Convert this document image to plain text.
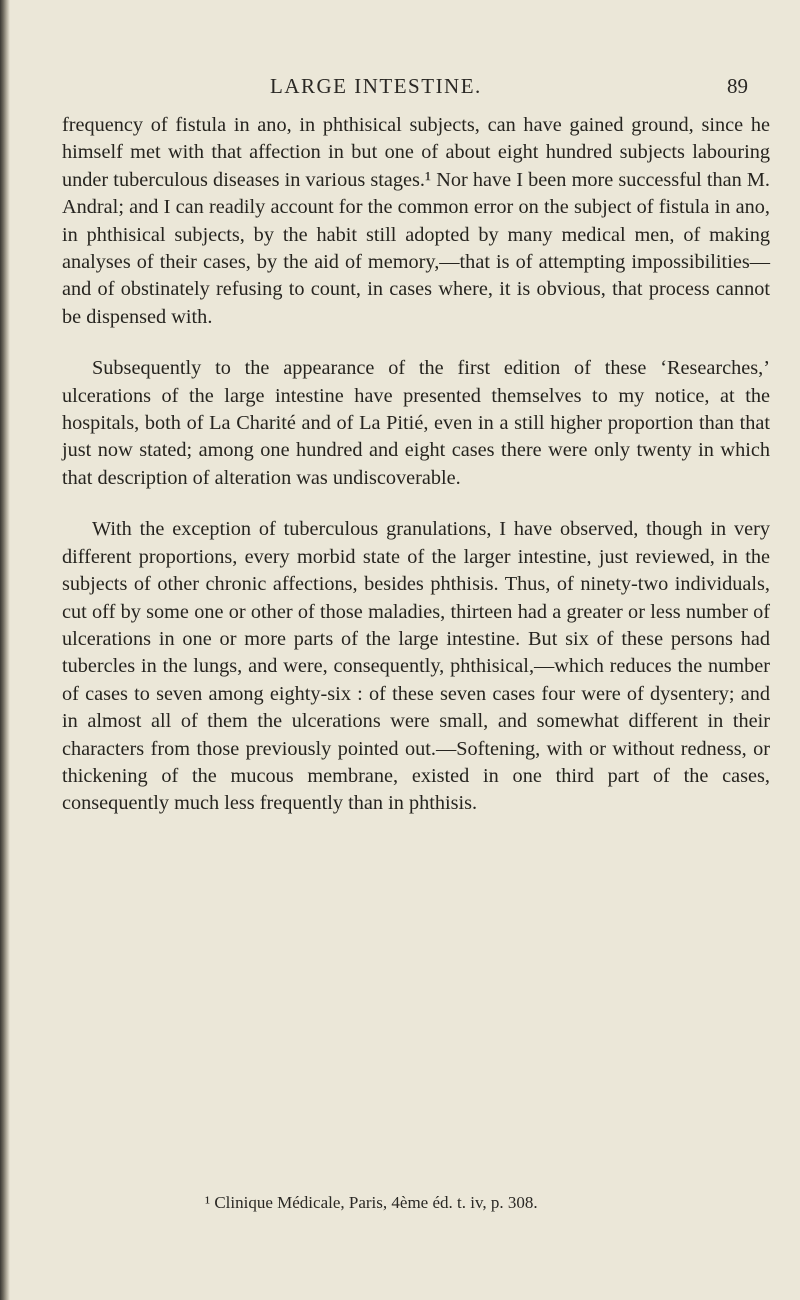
LARGE INTESTINE.	89

frequency of fistula in ano, in phthisical subjects, can have gained ground, since he himself met with that affection in but one of about eight hundred subjects labouring under tuberculous diseases in various stages.¹ Nor have I been more successful than M. Andral; and I can readily account for the common error on the subject of fistula in ano, in phthisical subjects, by the habit still adopted by many medical men, of making analyses of their cases, by the aid of memory,—that is of attempting impossibilities—and of obstinately refusing to count, in cases where, it is obvious, that process cannot be dispensed with.

Subsequently to the appearance of the first edition of these ‘Researches,’ ulcerations of the large intestine have presented themselves to my notice, at the hospitals, both of La Charité and of La Pitié, even in a still higher proportion than that just now stated; among one hundred and eight cases there were only twenty in which that description of alteration was undiscoverable.

With the exception of tuberculous granulations, I have observed, though in very different proportions, every morbid state of the larger intestine, just reviewed, in the subjects of other chronic affections, besides phthisis. Thus, of ninety-two individuals, cut off by some one or other of those maladies, thirteen had a greater or less number of ulcerations in one or more parts of the large intestine. But six of these persons had tubercles in the lungs, and were, consequently, phthisical,—which reduces the number of cases to seven among eighty-six : of these seven cases four were of dysentery; and in almost all of them the ulcerations were small, and somewhat different in their characters from those previously pointed out.—Softening, with or without redness, or thickening of the mucous membrane, existed in one third part of the cases, consequently much less frequently than in phthisis.

¹ Clinique Médicale, Paris, 4ème éd. t. iv, p. 308.
